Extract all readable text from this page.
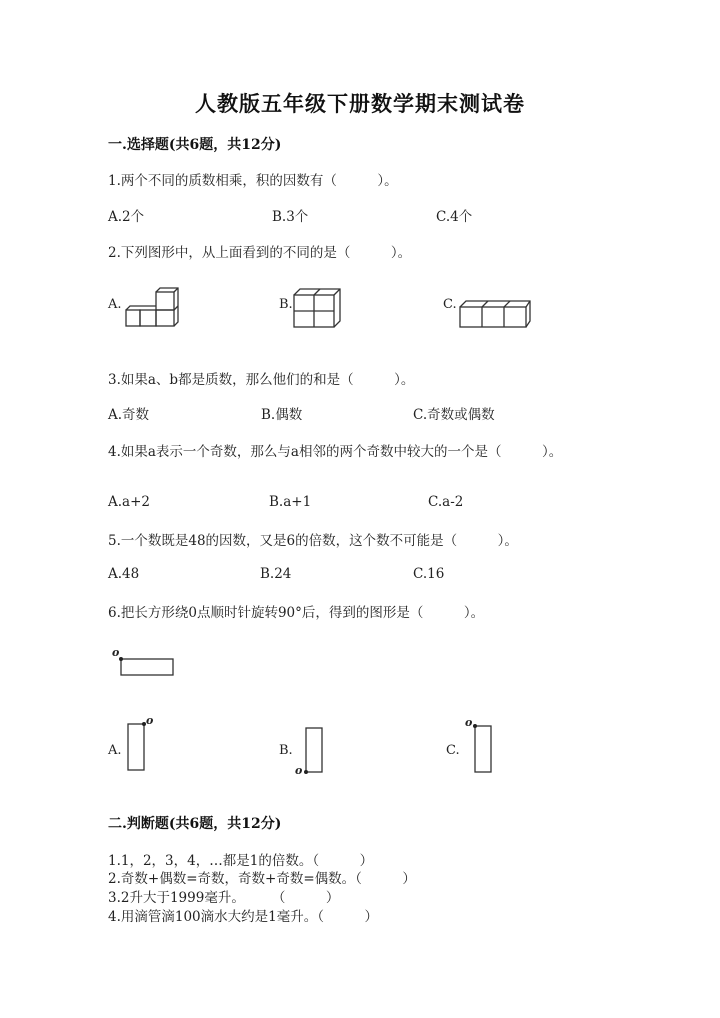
人教版五年级下册数学期末测试卷
一.选择题(共6题，共12分)
1.两个不同的质数相乘，积的因数有（　　　）。
A.2个	B.3个	C.4个
2.下列图形中，从上面看到的不同的是（　　　）。
A.	B.	C.
3.如果a、b都是质数，那么他们的和是（　　　）。
A.奇数	B.偶数	C.奇数或偶数
4.如果a表示一个奇数，那么与a相邻的两个奇数中较大的一个是（　　　）。
A.a+2	B.a+1	C.a-2
5.一个数既是48的因数，又是6的倍数，这个数不可能是（　　　）。
A.48	B.24	C.16
6.把长方形绕0点顺时针旋转90°后，得到的图形是（　　　）。
o
A.	B.	C.
o
o
o
二.判断题(共6题，共12分)
1.1，2，3，4，…都是1的倍数。（　　　）
2.奇数+偶数=奇数，奇数+奇数=偶数。（　　　）
3.2升大于1999毫升。　　　（　　　）
4.用滴管滴100滴水大约是1毫升。（　　　）
